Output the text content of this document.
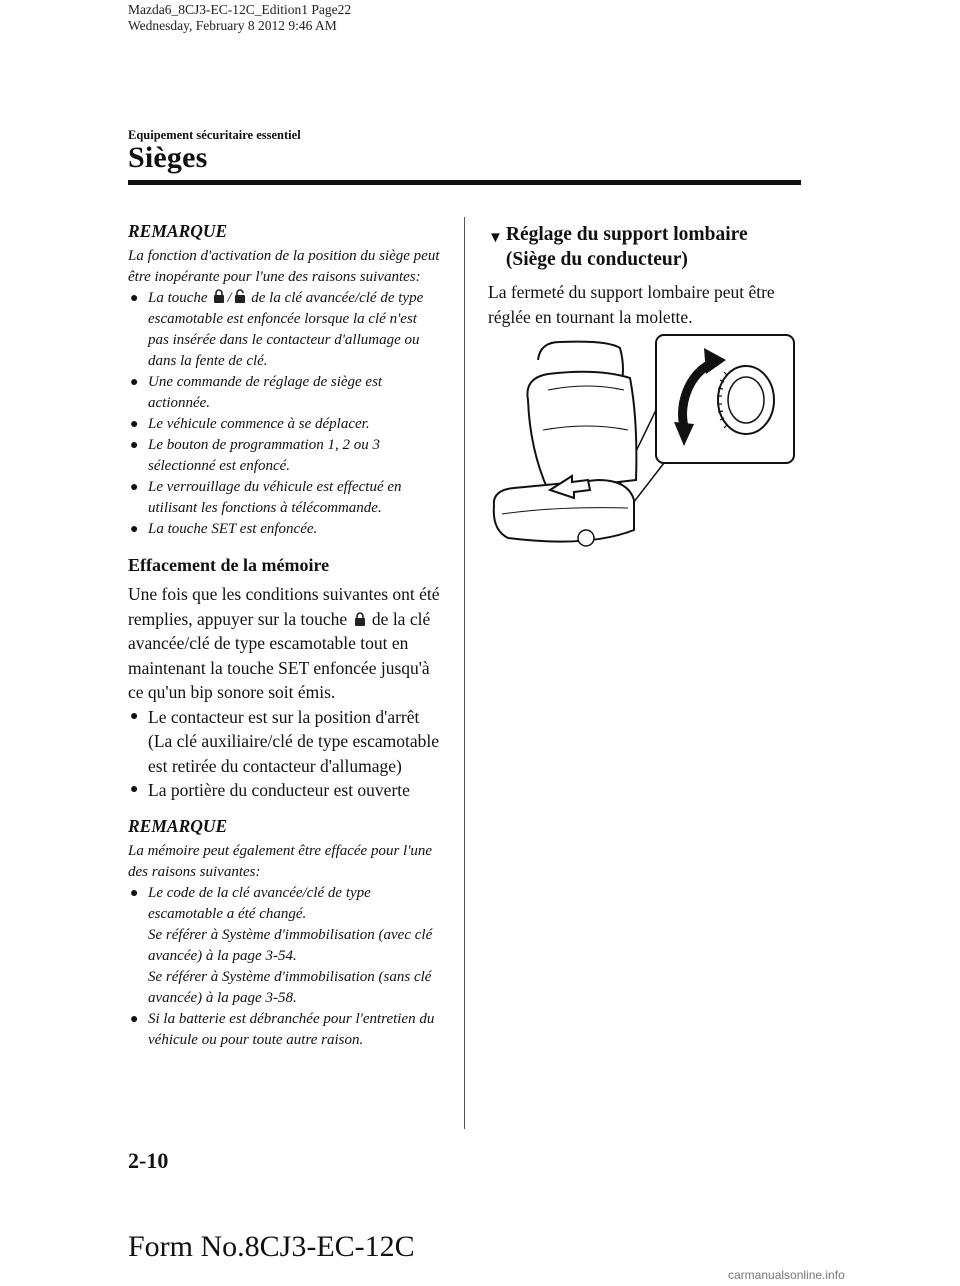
Mazda6_8CJ3-EC-12C_Edition1 Page22
Wednesday, February 8 2012 9:46 AM
Equipement sécuritaire essentiel
Sièges

REMARQUE

La fonction d'activation de la position du siège peut être inopérante pour l'une des raisons suivantes:

● La touche / de la clé avancée/clé de type escamotable est enfoncée lorsque la clé n'est pas insérée dans le contacteur d'allumage ou dans la fente de clé.
● Une commande de réglage de siège est actionnée.
● Le véhicule commence à se déplacer.
● Le bouton de programmation 1, 2 ou 3 sélectionné est enfoncé.
● Le verrouillage du véhicule est effectué en utilisant les fonctions à télécommande.
● La touche SET est enfoncée.
Effacement de la mémoire

Une fois que les conditions suivantes ont été remplies, appuyer sur la touche de la clé avancée/clé de type escamotable tout en maintenant la touche SET enfoncée jusqu'à ce qu'un bip sonore soit émis.

● Le contacteur est sur la position d'arrêt (La clé auxiliaire/clé de type escamotable est retirée du contacteur d'allumage)
● La portière du conducteur est ouverte

REMARQUE

La mémoire peut également être effacée pour l'une des raisons suivantes:

● Le code de la clé avancée/clé de type escamotable a été changé.
Se référer à Système d'immobilisation (avec clé avancée) à la page 3-54.
Se référer à Système d'immobilisation (sans clé avancée) à la page 3-58.
● Si la batterie est débranchée pour l'entretien du véhicule ou pour toute autre raison.
▼ Réglage du support lombaire (Siège du conducteur)

La fermeté du support lombaire peut être réglée en tournant la molette.

2-10
Form No.8CJ3-EC-12C
carmanualsonline.info
